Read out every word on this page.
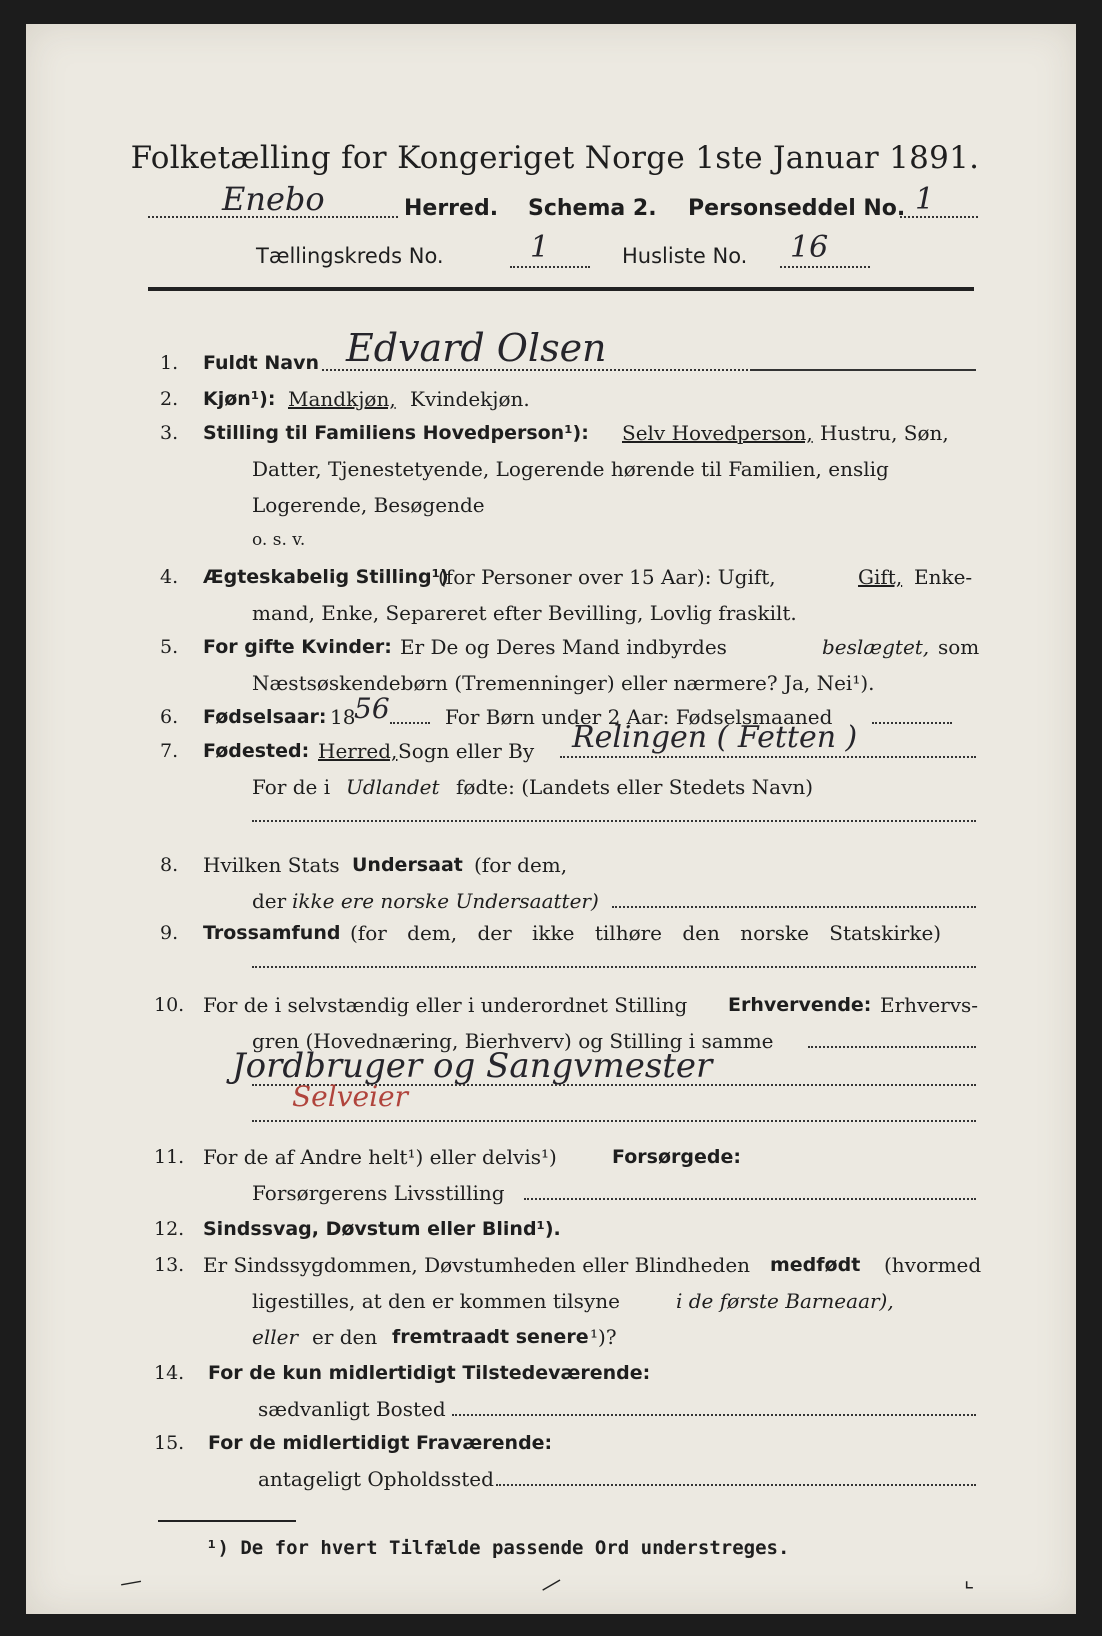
Folketælling for Kongeriget Norge 1ste Januar 1891.
Enebo	Herred. Schema 2. Personseddel No. 1
Tællingskreds No.	1	Husliste No. 16
1. Fuldt Navn Edvard Olsen
2. Kjøn¹): Mandkjøn, Kvindekjøn.
3. Stilling til Familiens Hovedperson¹): Selv Hovedperson, Hustru, Søn,
Datter, Tjenestetyende, Logerende hørende til Familien, enslig
Logerende, Besøgende
o. s. v.
4. Ægteskabelig Stilling¹)
(for Personer over 15 Aar): Ugift,	Gift, Enke-
mand, Enke, Separeret efter Bevilling, Lovlig fraskilt.
5. For gifte Kvinder: Er De og Deres Mand indbyrdes	beslægtet, som
Næstsøskendebørn (Tremenninger) eller nærmere? Ja, Nei¹).
6. Fødselsaar: 18
56	For Børn under 2 Aar: Fødselsmaaned
7. Fødested: Herred, Sogn eller By Relingen ( Fetten )
For de i Udlandet fødte: (Landets eller Stedets Navn)
8. Hvilken Stats Undersaat (for dem,
der ikke ere norske Undersaatter)
9. Trossamfund (for dem, der ikke tilhøre den norske Statskirke)
10. For de i selvstændig eller i underordnet Stilling Erhvervende: Erhvervs-
gren (Hovednæring, Bierhverv) og Stilling i samme
Jordbruger og Sangvmester
Selveier
11. For de af Andre helt¹) eller delvis¹)	Forsørgede:
Forsørgerens Livsstilling
12. Sindssvag, Døvstum eller Blind¹).
13. Er Sindssygdommen, Døvstumheden eller Blindheden medfødt (hvormed
ligestilles, at den er kommen tilsyne	i de første Barneaar),
eller er den fremtraadt senere ¹)?
14. For de kun midlertidigt Tilstedeværende:
sædvanligt Bosted
15. For de midlertidigt Fraværende:
antageligt Opholdssted
¹) De for hvert Tilfælde passende Ord understreges.
—	—	⌞
